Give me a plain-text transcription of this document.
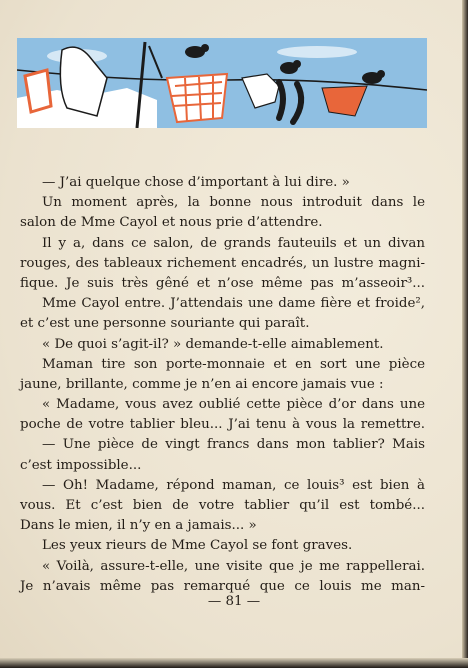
— J’ai quelque chose d’important à lui dire. »
Un moment après, la bonne nous introduit dans le
salon de Mme Cayol et nous prie d’attendre.
Il y a, dans ce salon, de grands fauteuils et un divan
rouges, des tableaux richement encadrés, un lustre magni-
fique. Je suis très gêné et n’ose même pas m’asseoir³...
Mme Cayol entre. J’attendais une dame fière et froide²,
et c’est une personne souriante qui paraît.
« De quoi s’agit-il? » demande-t-elle aimablement.
Maman tire son porte-monnaie et en sort une pièce
jaune, brillante, comme je n’en ai encore jamais vue :
« Madame, vous avez oublié cette pièce d’or dans une
poche de votre tablier bleu... J’ai tenu à vous la remettre.
— Une pièce de vingt francs dans mon tablier? Mais
c’est impossible...
— Oh! Madame, répond maman, ce louis³ est bien à
vous. Et c’est bien de votre tablier qu’il est tombé...
Dans le mien, il n’y en a jamais... »
Les yeux rieurs de Mme Cayol se font graves.
« Voilà, assure-t-elle, une visite que je me rappellerai.
Je n’avais même pas remarqué que ce louis me man-
— 81 —
